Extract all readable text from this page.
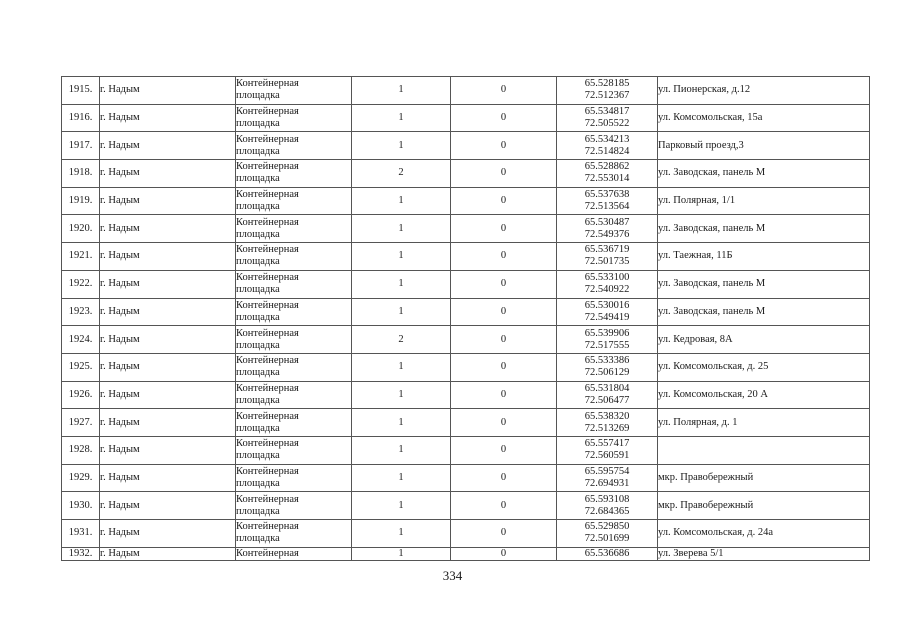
1915.	г. Надым	Контейнерная
площадка	1	0	65.528185
72.512367	ул. Пионерская, д.12
1916.	г. Надым	Контейнерная
площадка	1	0	65.534817
72.505522	ул. Комсомольская, 15а
1917.	г. Надым	Контейнерная
площадка	1	0	65.534213
72.514824	Парковый проезд,3
1918.	г. Надым	Контейнерная
площадка	2	0	65.528862
72.553014	ул. Заводская, панель М
1919.	г. Надым	Контейнерная
площадка	1	0	65.537638
72.513564	ул. Полярная, 1/1
1920.	г. Надым	Контейнерная
площадка	1	0	65.530487
72.549376	ул. Заводская, панель М
1921.	г. Надым	Контейнерная
площадка	1	0	65.536719
72.501735	ул. Таежная, 11Б
1922.	г. Надым	Контейнерная
площадка	1	0	65.533100
72.540922	ул. Заводская, панель М
1923.	г. Надым	Контейнерная
площадка	1	0	65.530016
72.549419	ул. Заводская, панель М
1924.	г. Надым	Контейнерная
площадка	2	0	65.539906
72.517555	ул. Кедровая, 8А
1925.	г. Надым	Контейнерная
площадка	1	0	65.533386
72.506129	ул. Комсомольская, д. 25
1926.	г. Надым	Контейнерная
площадка	1	0	65.531804
72.506477	ул. Комсомольская, 20 А
1927.	г. Надым	Контейнерная
площадка	1	0	65.538320
72.513269	ул. Полярная, д. 1
1928.	г. Надым	Контейнерная
площадка	1	0	65.557417
72.560591	
1929.	г. Надым	Контейнерная
площадка	1	0	65.595754
72.694931	мкр. Правобережный
1930.	г. Надым	Контейнерная
площадка	1	0	65.593108
72.684365	мкр. Правобережный
1931.	г. Надым	Контейнерная
площадка	1	0	65.529850
72.501699	ул. Комсомольская, д. 24а
1932.	г. Надым	Контейнерная	1	0	65.536686	ул. Зверева 5/1
334
